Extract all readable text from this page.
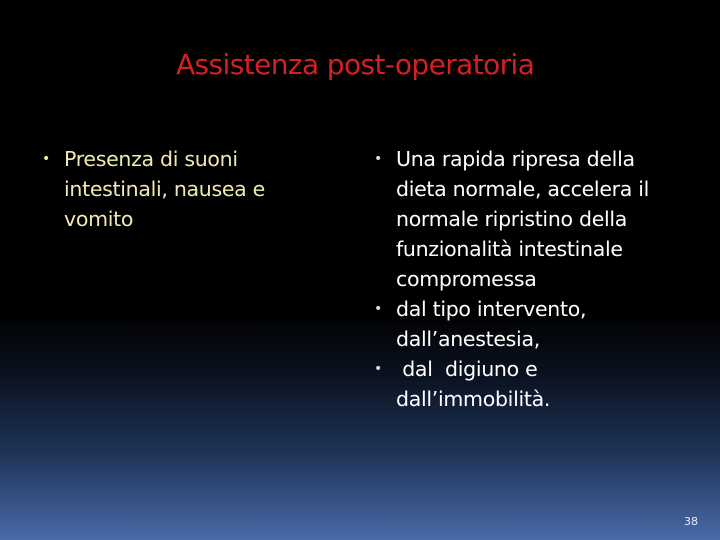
Assistenza post-operatoria
• Presenza di suoni intestinali, nausea e vomito
• Una rapida ripresa della dieta normale, accelera il normale ripristino della funzionalità intestinale compromessa
• dal tipo intervento, dall’anestesia,
• dal  digiuno e dall’immobilità.
38
